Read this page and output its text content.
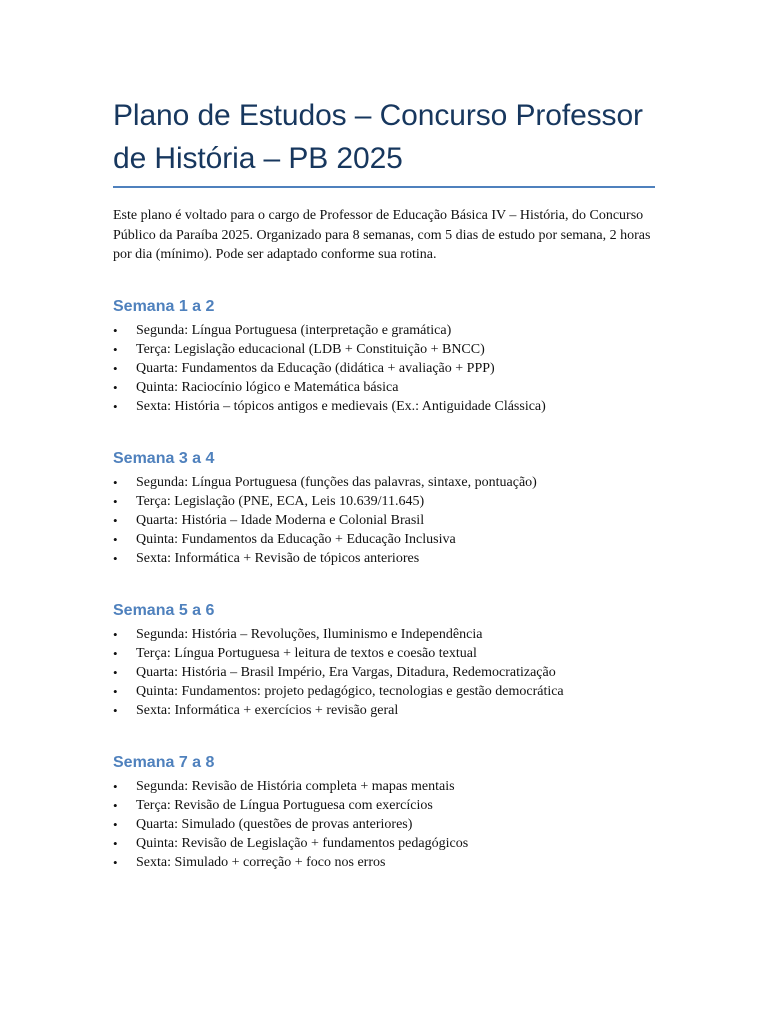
Plano de Estudos – Concurso Professor de História – PB 2025

Este plano é voltado para o cargo de Professor de Educação Básica IV – História, do Concurso Público da Paraíba 2025. Organizado para 8 semanas, com 5 dias de estudo por semana, 2 horas por dia (mínimo). Pode ser adaptado conforme sua rotina.

Semana 1 a 2
• Segunda: Língua Portuguesa (interpretação e gramática)
• Terça: Legislação educacional (LDB + Constituição + BNCC)
• Quarta: Fundamentos da Educação (didática + avaliação + PPP)
• Quinta: Raciocínio lógico e Matemática básica
• Sexta: História – tópicos antigos e medievais (Ex.: Antiguidade Clássica)
Semana 3 a 4
• Segunda: Língua Portuguesa (funções das palavras, sintaxe, pontuação)
• Terça: Legislação (PNE, ECA, Leis 10.639/11.645)
• Quarta: História – Idade Moderna e Colonial Brasil
• Quinta: Fundamentos da Educação + Educação Inclusiva
• Sexta: Informática + Revisão de tópicos anteriores
Semana 5 a 6
• Segunda: História – Revoluções, Iluminismo e Independência
• Terça: Língua Portuguesa + leitura de textos e coesão textual
• Quarta: História – Brasil Império, Era Vargas, Ditadura, Redemocratização
• Quinta: Fundamentos: projeto pedagógico, tecnologias e gestão democrática
• Sexta: Informática + exercícios + revisão geral
Semana 7 a 8
• Segunda: Revisão de História completa + mapas mentais
• Terça: Revisão de Língua Portuguesa com exercícios
• Quarta: Simulado (questões de provas anteriores)
• Quinta: Revisão de Legislação + fundamentos pedagógicos
• Sexta: Simulado + correção + foco nos erros
